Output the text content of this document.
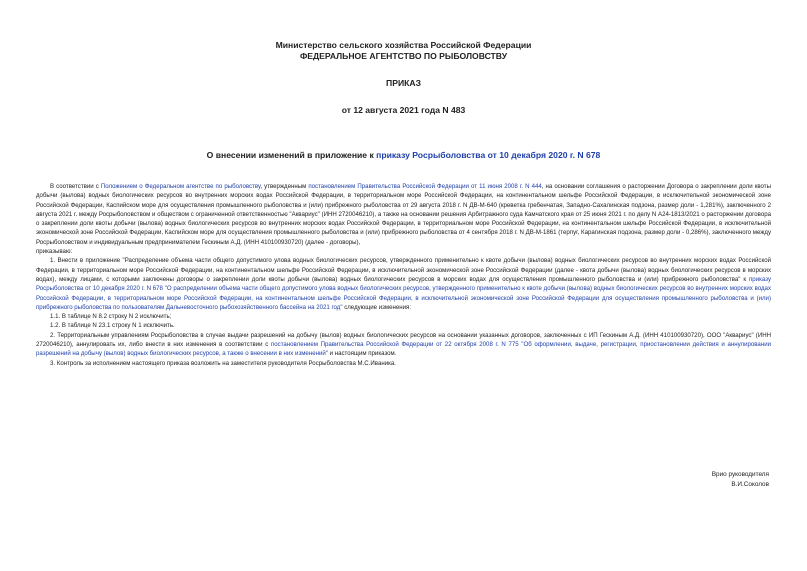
Министерство сельского хозяйства Российской Федерации
ФЕДЕРАЛЬНОЕ АГЕНТСТВО ПО РЫБОЛОВСТВУ
ПРИКАЗ
от 12 августа 2021 года N 483
О внесении изменений в приложение к приказу Росрыболовства от 10 декабря 2020 г. N 678

В соответствии с Положением о Федеральном агентстве по рыболовству, утвержденным постановлением Правительства Российской Федерации от 11 июня 2008 г. N 444, на основании соглашения о расторжении Договора о закреплении доли квоты добычи (вылова) водных биологических ресурсов во внутренних морских водах Российской Федерации, в территориальном море Российской Федерации, на континентальном шельфе Российской Федерации, в исключительной экономической зоне Российской Федерации, Каспийском море для осуществления промышленного рыболовства и (или) прибрежного рыболовства от 29 августа 2018 г. N ДВ-М-640 (креветка гребенчатая, Западно-Сахалинская подзона, размер доли - 1,281%), заключенного 2 августа 2021 г. между Росрыболовством и обществом с ограниченной ответственностью "Аквариус" (ИНН 2720046210), а также на основании решения Арбитражного суда Камчатского края от 25 июня 2021 г. по делу N А24-1813/2021 о расторжении договора о закреплении доли квоты добычи (вылова) водных биологических ресурсов во внутренних морских водах Российской Федерации, в территориальном море Российской Федерации, на континентальном шельфе Российской Федерации, в исключительной экономической зоне Российской Федерации, Каспийском море для осуществления промышленного рыболовства и (или) прибрежного рыболовства от 4 сентября 2018 г. N ДВ-М-1861 (терпуг, Карагинская подзона, размер доли - 0,286%), заключенного между Росрыболовством и индивидуальным предпринимателем Гескиным А.Д. (ИНН 410100930720) (далее - договоры),

приказываю:

1. Внести в приложение "Распределение объема части общего допустимого улова водных биологических ресурсов, утвержденного применительно к квоте добычи (вылова) водных биологических ресурсов во внутренних морских водах Российской Федерации, в территориальном море Российской Федерации, на континентальном шельфе Российской Федерации, в исключительной экономической зоне Российской Федерации (далее - квота добычи (вылова) водных биологических ресурсов в морских водах), между лицами, с которыми заключены договоры о закреплении доли квоты добычи (вылова) водных биологических ресурсов в морских водах для осуществления промышленного рыболовства и (или) прибрежного рыболовства" к приказу Росрыболовства от 10 декабря 2020 г. N 678 "О распределении объема части общего допустимого улова водных биологических ресурсов, утвержденного применительно к квоте добычи (вылова) водных биологических ресурсов во внутренних морских водах Российской Федерации, в территориальном море Российской Федерации, на континентальном шельфе Российской Федерации, в исключительной экономической зоне Российской Федерации для осуществления промышленного рыболовства и (или) прибрежного рыболовства по пользователям Дальневосточного рыбохозяйственного бассейна на 2021 год" следующие изменения:

1.1. В таблице N 8.2 строку N 2 исключить;

1.2. В таблице N 23.1 строку N 1 исключить.

2. Территориальным управлениям Росрыболовства в случае выдачи разрешений на добычу (вылов) водных биологических ресурсов на основании указанных договоров, заключенных с ИП Гескиным А.Д. (ИНН 410100930720), ООО "Аквариус" (ИНН 2720046210), аннулировать их, либо внести в них изменения в соответствии с постановлением Правительства Российской Федерации от 22 октября 2008 г. N 775 "Об оформлении, выдаче, регистрации, приостановлении действия и аннулировании разрешений на добычу (вылов) водных биологических ресурсов, а также о внесении в них изменений" и настоящим приказом.

3. Контроль за исполнением настоящего приказа возложить на заместителя руководителя Росрыболовства М.С.Иваника.

Врио руководителя
В.И.Соколов
